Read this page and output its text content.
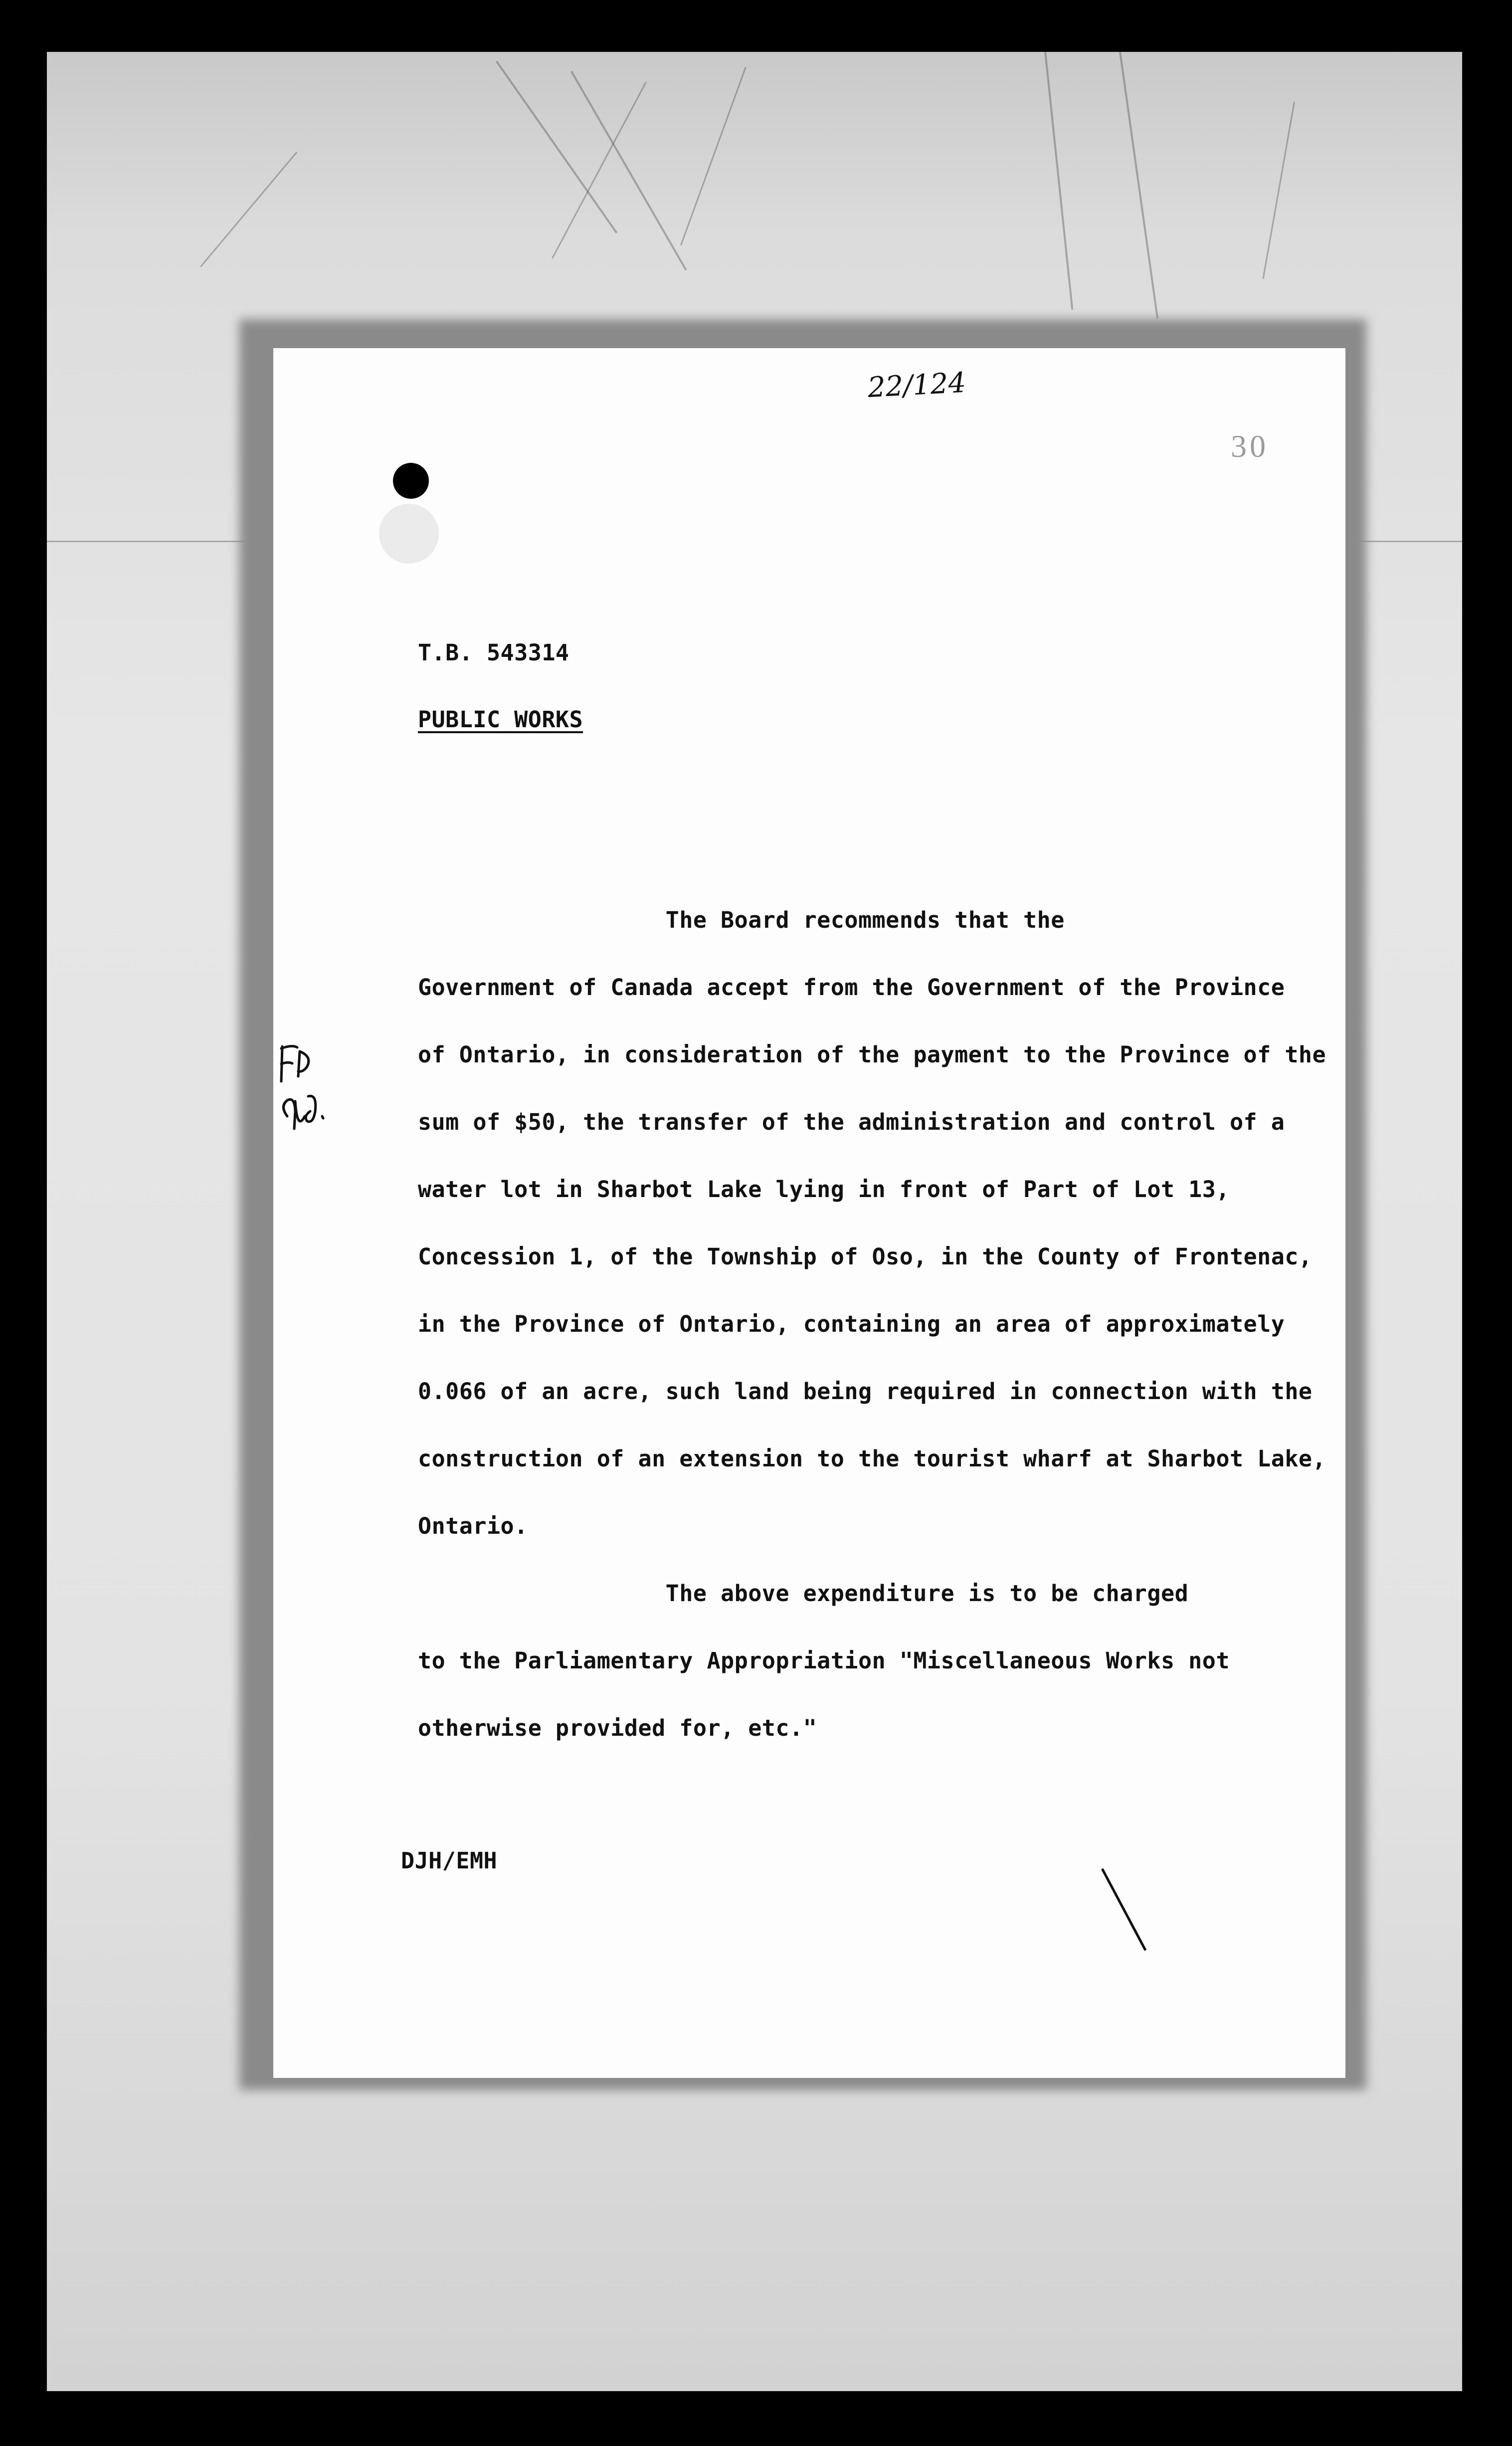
22/124
30
T.B. 543314
PUBLIC WORKS
The Board recommends that the
Government of Canada accept from the Government of the Province
of Ontario, in consideration of the payment to the Province of the
sum of $50, the transfer of the administration and control of a
water lot in Sharbot Lake lying in front of Part of Lot 13,
Concession 1, of the Township of Oso, in the County of Frontenac,
in the Province of Ontario, containing an area of approximately
0.066 of an acre, such land being required in connection with the
construction of an extension to the tourist wharf at Sharbot Lake,
Ontario.
The above expenditure is to be charged
to the Parliamentary Appropriation "Miscellaneous Works not
otherwise provided for, etc."
DJH/EMH
